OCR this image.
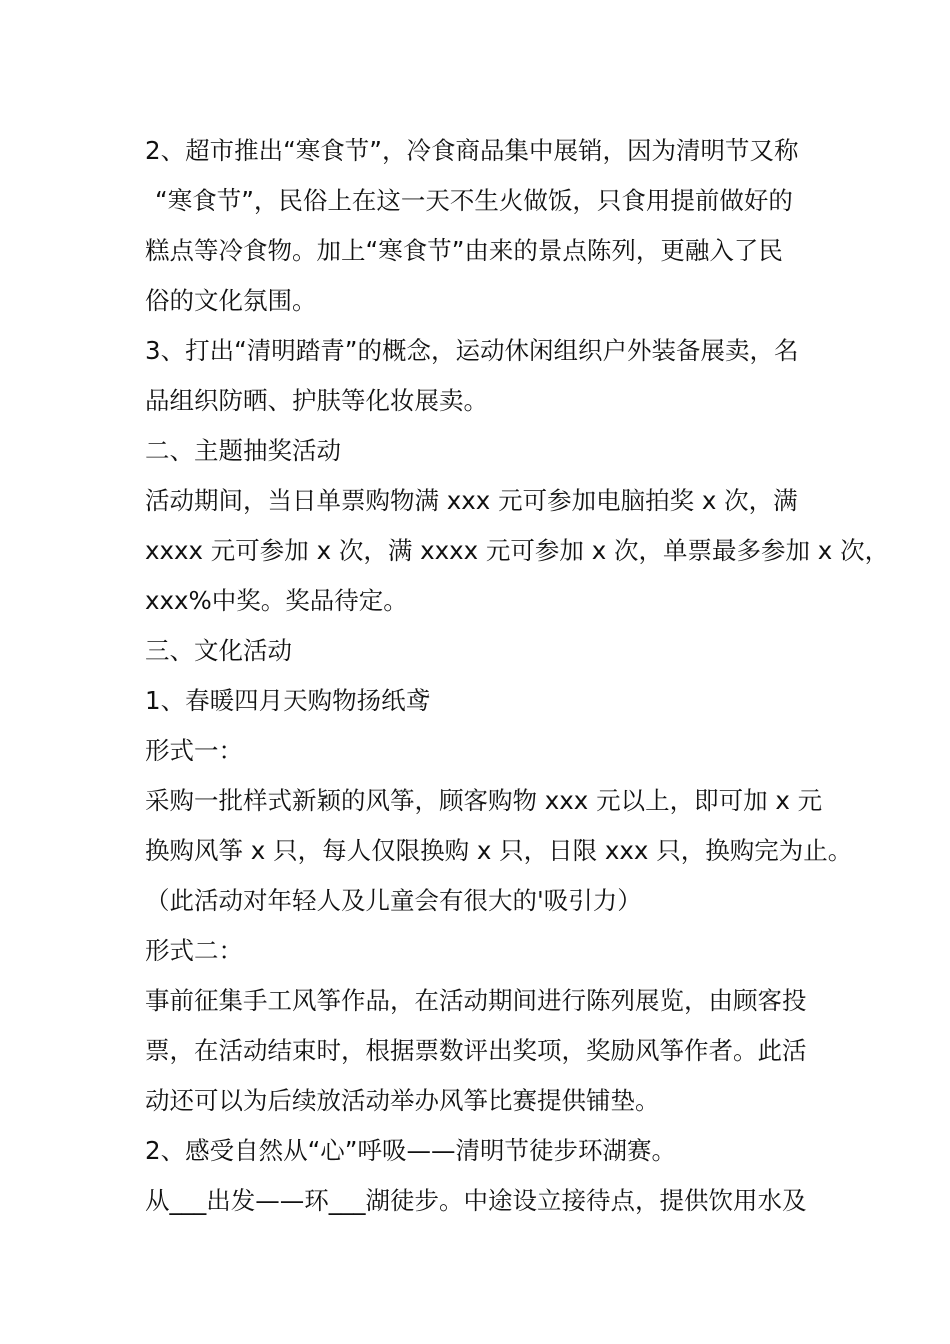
2、超市推出“寒食节”，冷食商品集中展销，因为清明节又称
“寒食节”，民俗上在这一天不生火做饭，只食用提前做好的
糕点等冷食物。加上“寒食节”由来的景点陈列，更融入了民
俗的文化氛围。
3、打出“清明踏青”的概念，运动休闲组织户外装备展卖，名
品组织防晒、护肤等化妆展卖。
二、主题抽奖活动
活动期间，当日单票购物满 xxx 元可参加电脑拍奖 x 次，满
xxxx 元可参加 x 次，满 xxxx 元可参加 x 次，单票最多参加 x 次，
xxx%中奖。奖品待定。
三、文化活动
1、春暖四月天购物扬纸鸢
形式一：
采购一批样式新颖的风筝，顾客购物 xxx 元以上，即可加 x 元
换购风筝 x 只，每人仅限换购 x 只，日限 xxx 只，换购完为止。
（此活动对年轻人及儿童会有很大的'吸引力）
形式二：
事前征集手工风筝作品，在活动期间进行陈列展览，由顾客投
票，在活动结束时，根据票数评出奖项，奖励风筝作者。此活
动还可以为后续放活动举办风筝比赛提供铺垫。
2、感受自然从“心”呼吸——清明节徒步环湖赛。
从___出发——环___湖徒步。中途设立接待点，提供饮用水及
